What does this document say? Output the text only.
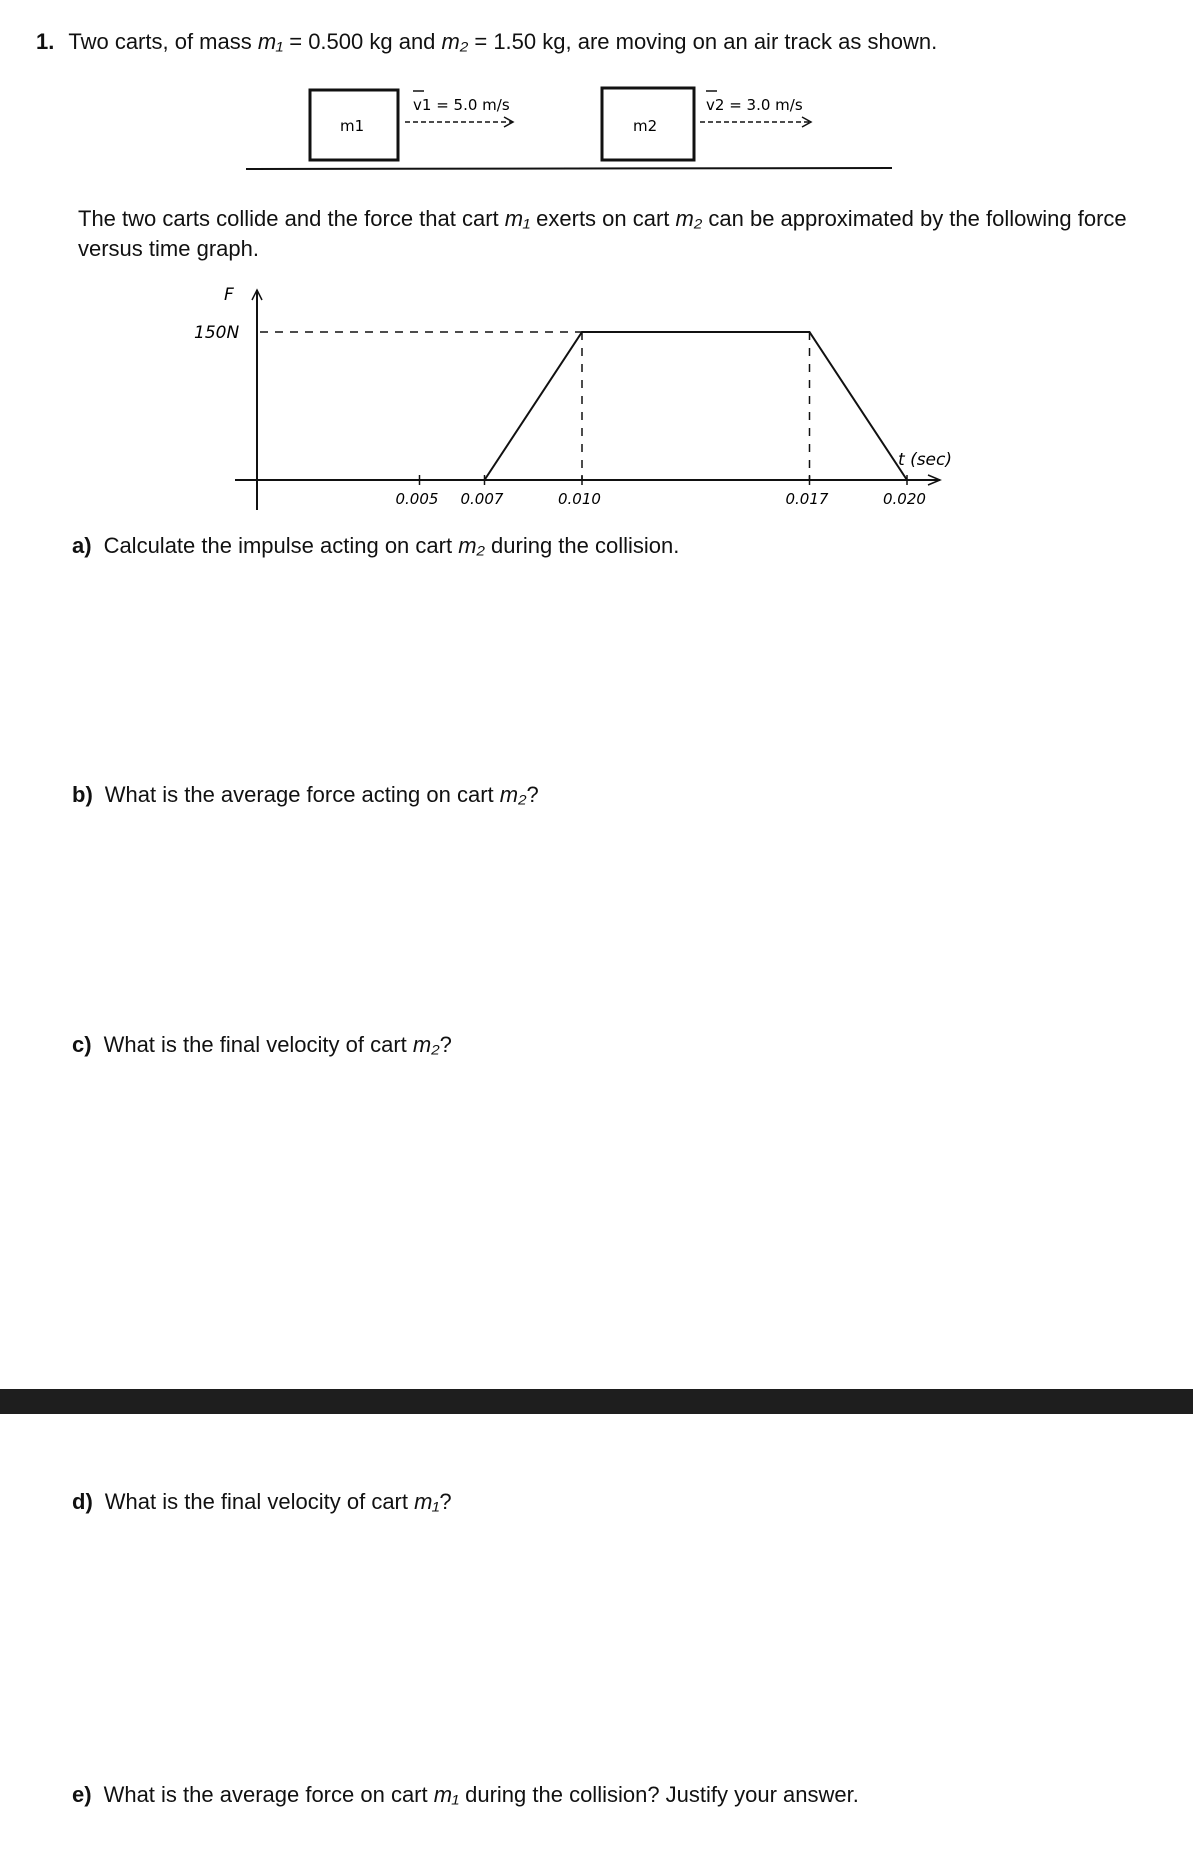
1. Two carts, of mass m₁ = 0.500 kg and m₂ = 1.50 kg, are moving on an air track as shown.
m1
v1 = 5.0 m/s
m2
v2 = 3.0 m/s
The two carts collide and the force that cart m₁ exerts on cart m₂ can be approximated by the following force versus time graph.
F
150N
t (sec)
0.005 0.007	0.010	0.017	0.020
a) Calculate the impulse acting on cart m₂ during the collision.
b) What is the average force acting on cart m₂?
c) What is the final velocity of cart m₂?
d) What is the final velocity of cart m₁?
e) What is the average force on cart m₁ during the collision? Justify your answer.
